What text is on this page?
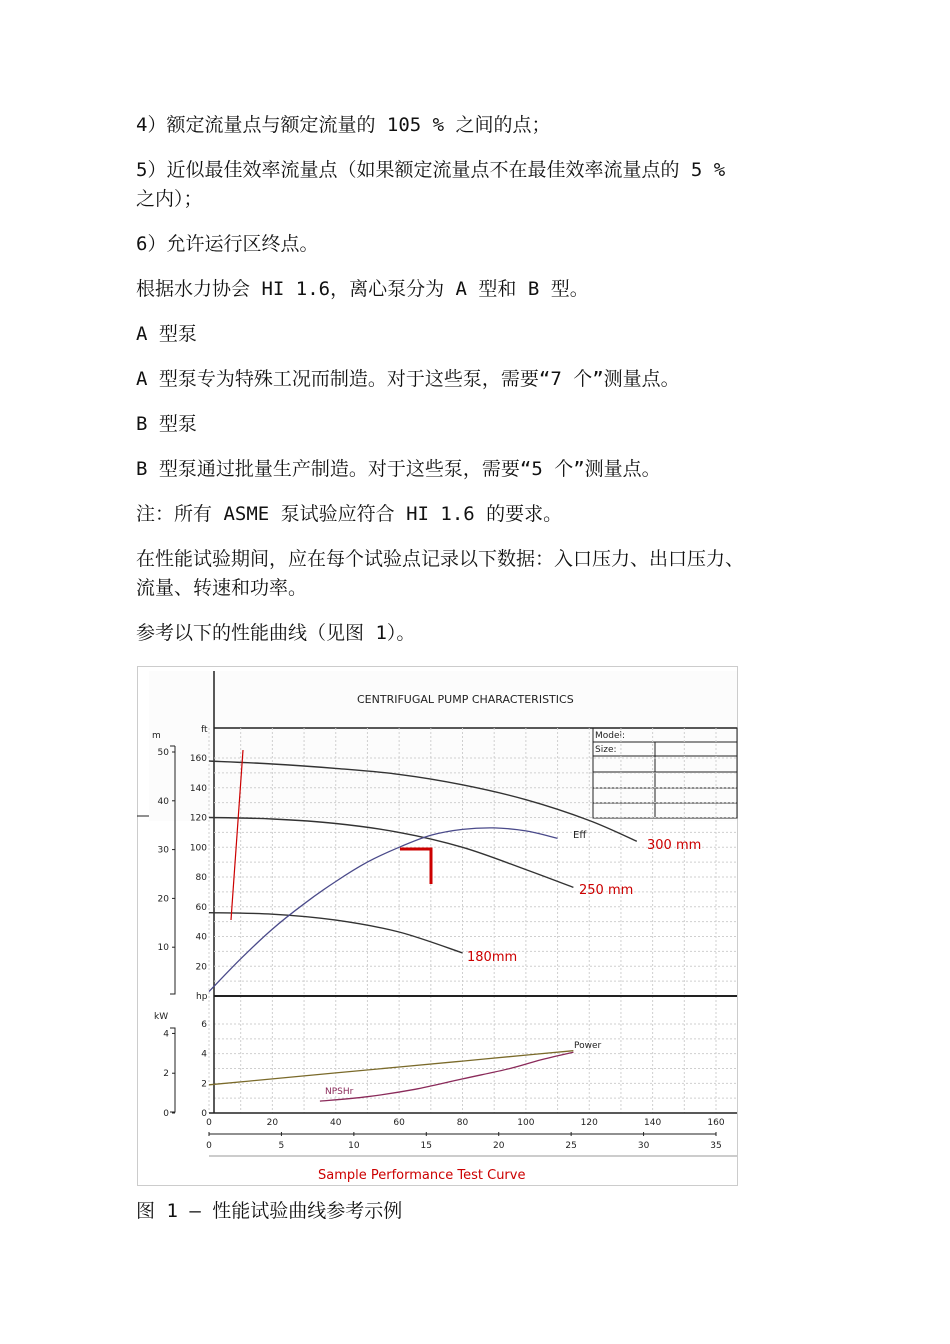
4）额定流量点与额定流量的 105 % 之间的点；

5）近似最佳效率流量点（如果额定流量点不在最佳效率流量点的 5 %

之内）；

6）允许运行区终点。

根据水力协会 HI 1.6，离心泵分为 A 型和 B 型。

A 型泵

A 型泵专为特殊工况而制造。对于这些泵，需要“7 个”测量点。

B 型泵

B 型泵通过批量生产制造。对于这些泵，需要“5 个”测量点。

注：所有 ASME 泵试验应符合 HI 1.6 的要求。

在性能试验期间，应在每个试验点记录以下数据：入口压力、出口压力、

流量、转速和功率。

参考以下的性能曲线（见图 1）。

CENTRIFUGAL PUMP CHARACTERISTICS
Model:
Size:
m
ft
hp
kW
20
40
60
80
100
120
140
160
10
20
30
40
50
0	20	40	60	80	100	120	140	160
0	5	10	15	20	25	30	35
0
2
4
6
0
2
4
Eff
300 mm
250 mm
180mm
Power
NPSHr
Sample Performance Test Curve

图 1 – 性能试验曲线参考示例
